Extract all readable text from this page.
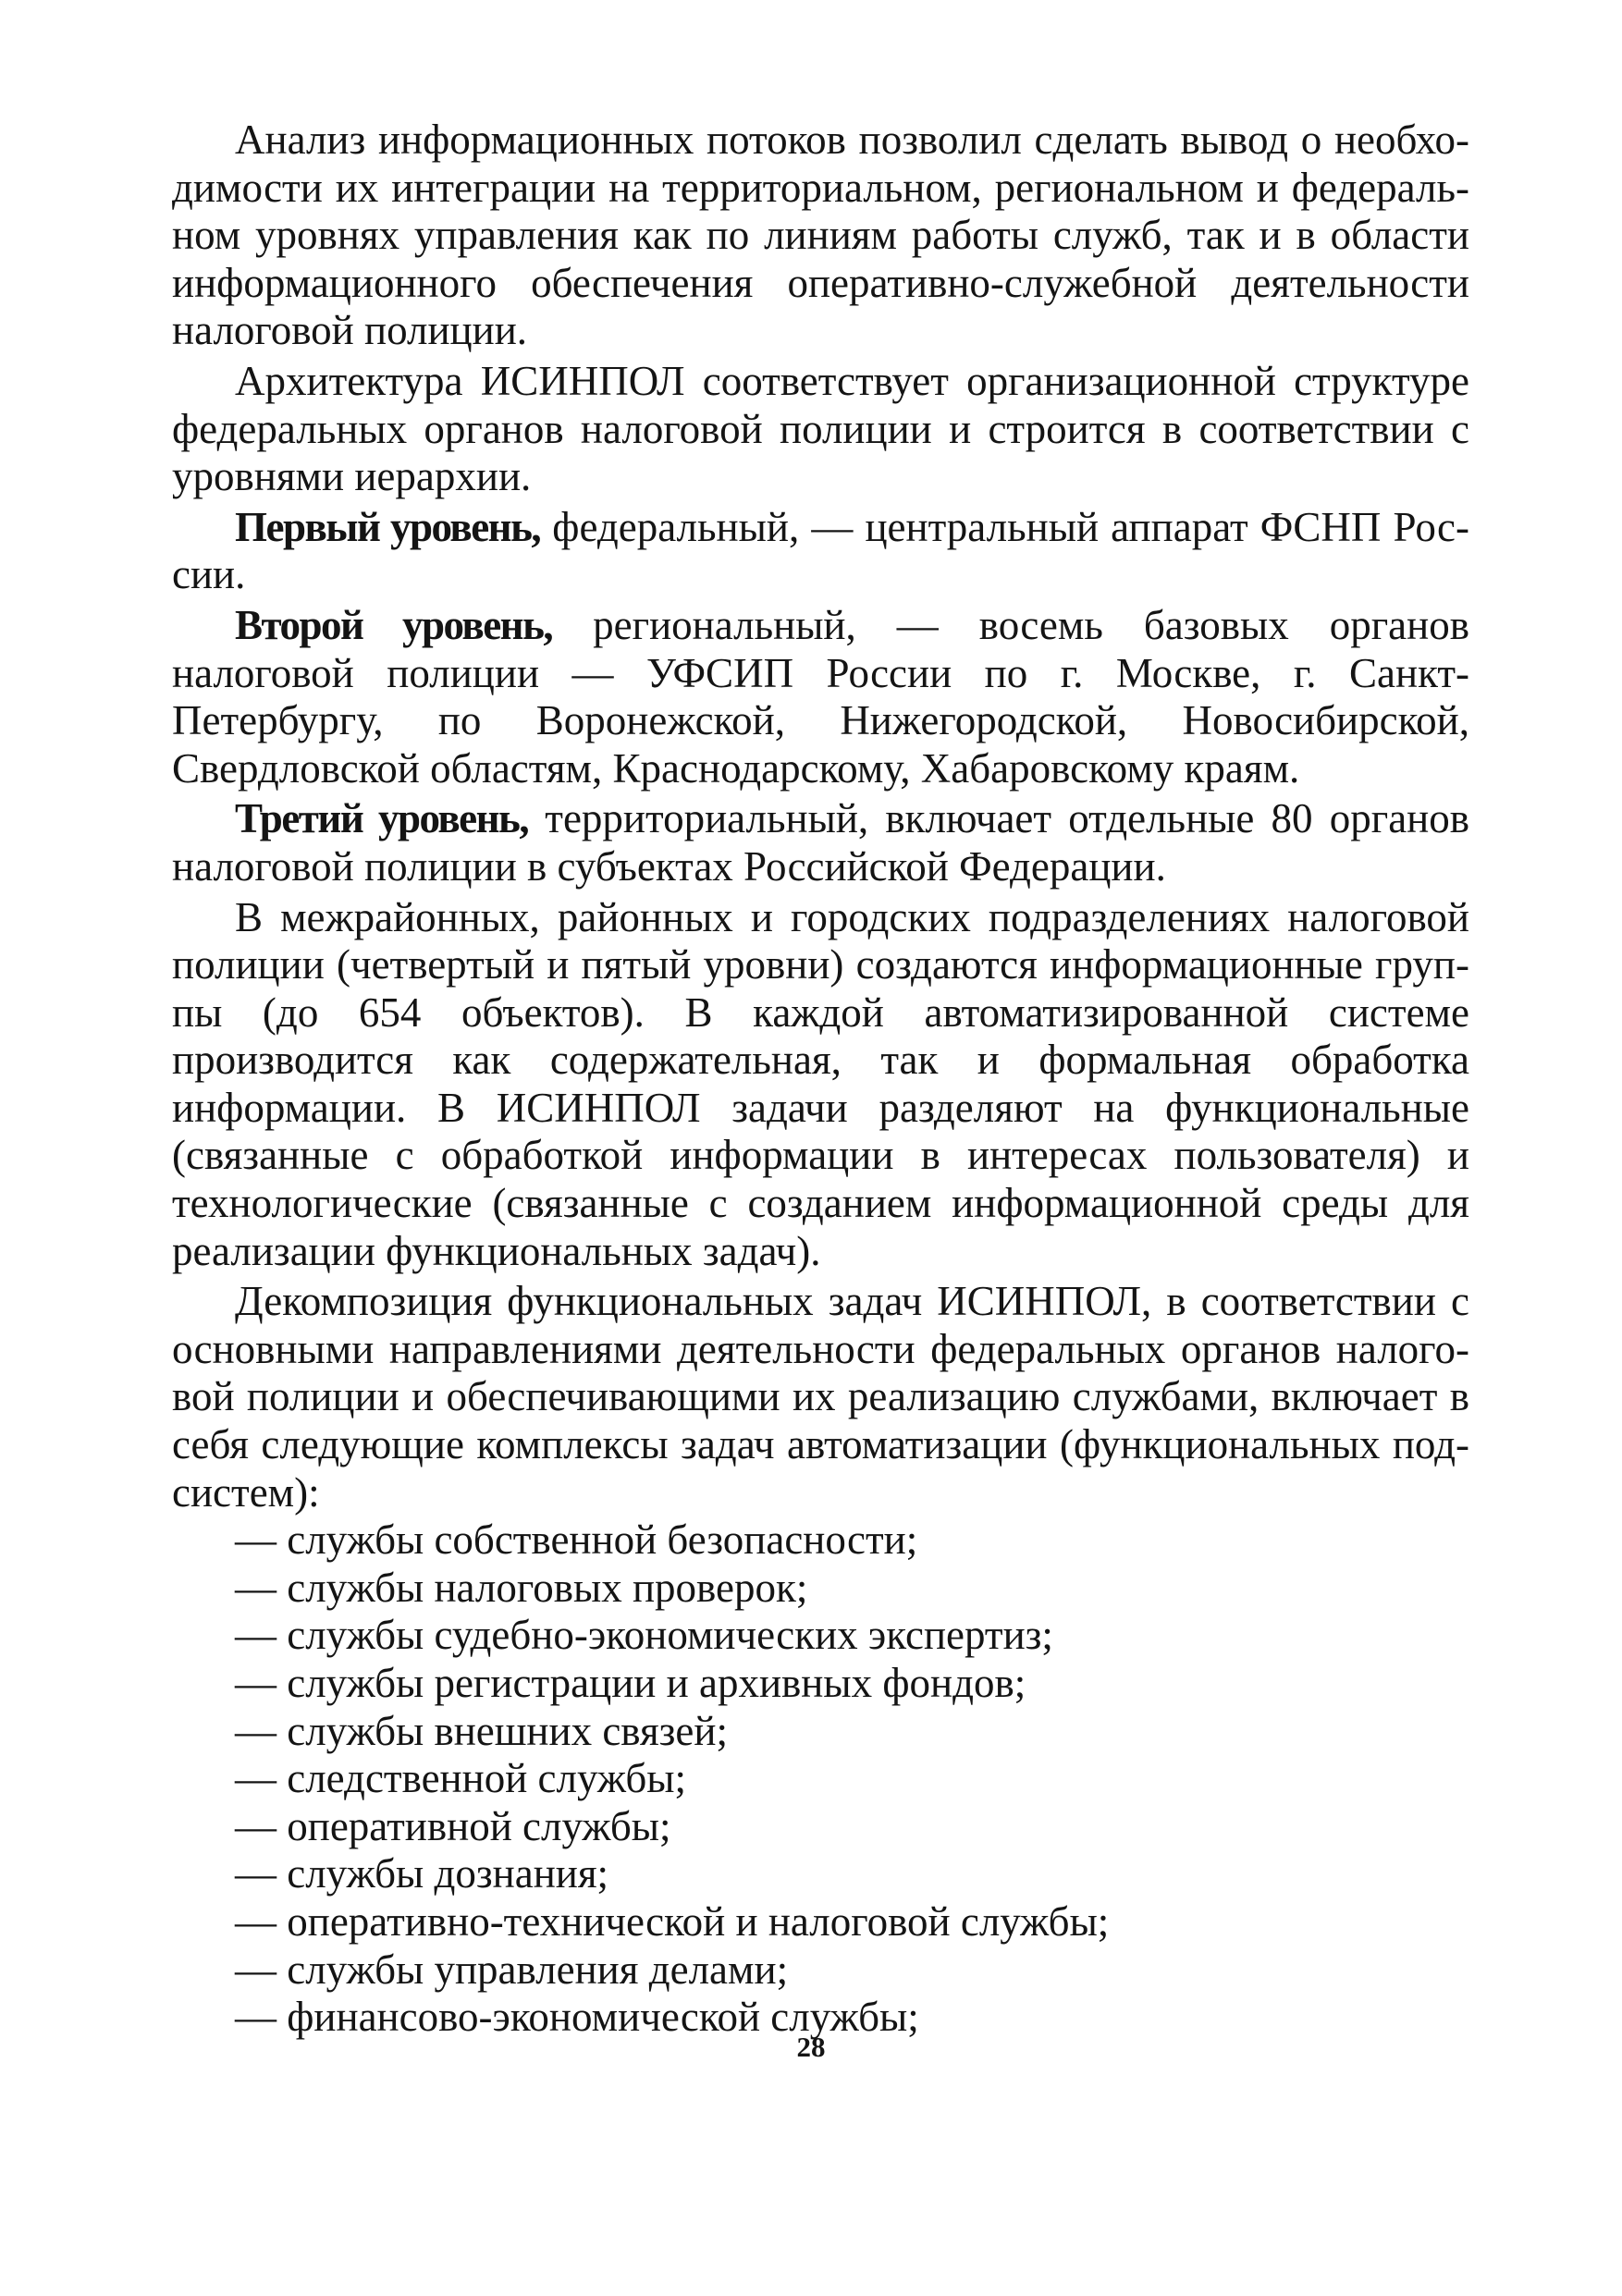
Анализ информационных потоков позволил сделать вывод о необходимости их интеграции на территориальном, региональном и федеральном уровнях управления как по линиям работы служб, так и в области информационного обеспечения оперативно-служебной деятельности налоговой полиции.

Архитектура ИСИНПОЛ соответствует организационной структуре федеральных органов налоговой полиции и строится в соответствии с уровнями иерархии.

Первый уровень, федеральный, — центральный аппарат ФСНП России.

Второй уровень, региональный, — восемь базовых органов налоговой полиции — УФСИП России по г. Москве, г. Санкт-Петербургу, по Воронежской, Нижегородской, Новосибирской, Свердловской областям, Краснодарскому, Хабаровскому краям.

Третий уровень, территориальный, включает отдельные 80 органов налоговой полиции в субъектах Российской Федерации.

В межрайонных, районных и городских подразделениях налоговой полиции (четвертый и пятый уровни) создаются информационные группы (до 654 объектов). В каждой автоматизированной системе производится как содержательная, так и формальная обработка информации. В ИСИНПОЛ задачи разделяют на функциональные (связанные с обработкой информации в интересах пользователя) и технологические (связанные с созданием информационной среды для реализации функциональных задач).

Декомпозиция функциональных задач ИСИНПОЛ, в соответствии с основными направлениями деятельности федеральных органов налоговой полиции и обеспечивающими их реализацию службами, включает в себя следующие комплексы задач автоматизации (функциональных подсистем):

— службы собственной безопасности;
— службы налоговых проверок;
— службы судебно-экономических экспертиз;
— службы регистрации и архивных фондов;
— службы внешних связей;
— следственной службы;
— оперативной службы;
— службы дознания;
— оперативно-технической и налоговой службы;
— службы управления делами;
— финансово-экономической службы;
28
